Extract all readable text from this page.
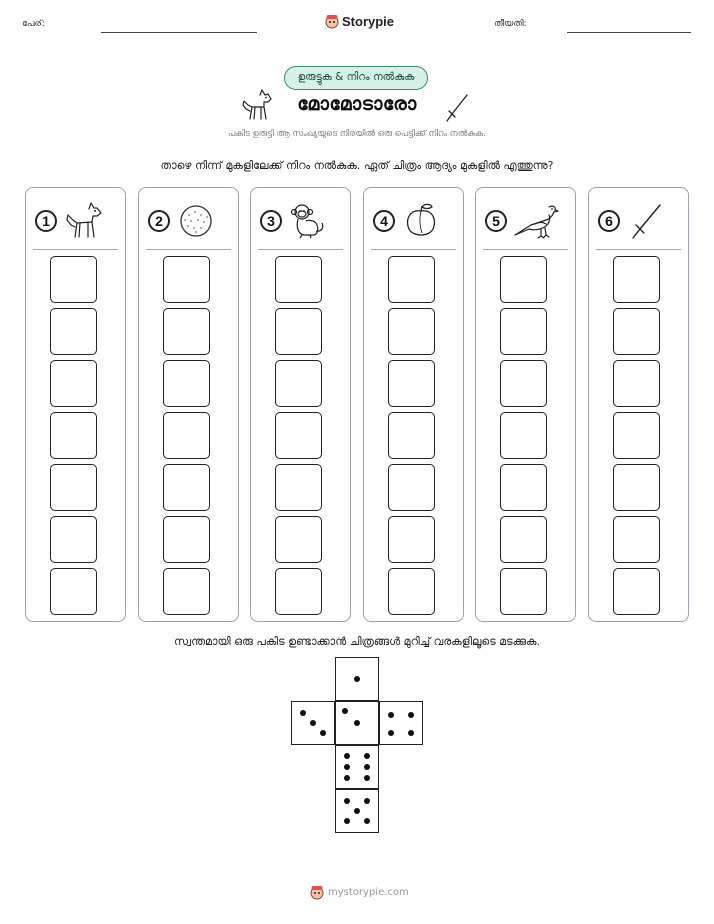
പേര്:	Storypie	തീയതി:
ഉരുട്ടുക & നിറം നൽകുക
മോമോടാരോ
പകിട ഉരുട്ടി ആ സംഖ്യയുടെ നിരയിൽ ഒരു പെട്ടിക്ക് നിറം നൽകുക.
താഴെ നിന്ന് മുകളിലേക്ക് നിറം നൽകുക. ഏത് ചിത്രം ആദ്യം മുകളിൽ എത്തുന്നു?
1	2	3	4	5	6
സ്വന്തമായി ഒരു പകിട ഉണ്ടാക്കാൻ ചിത്രങ്ങൾ മുറിച്ച് വരകളിലൂടെ മടക്കുക.
mystorypie.com
